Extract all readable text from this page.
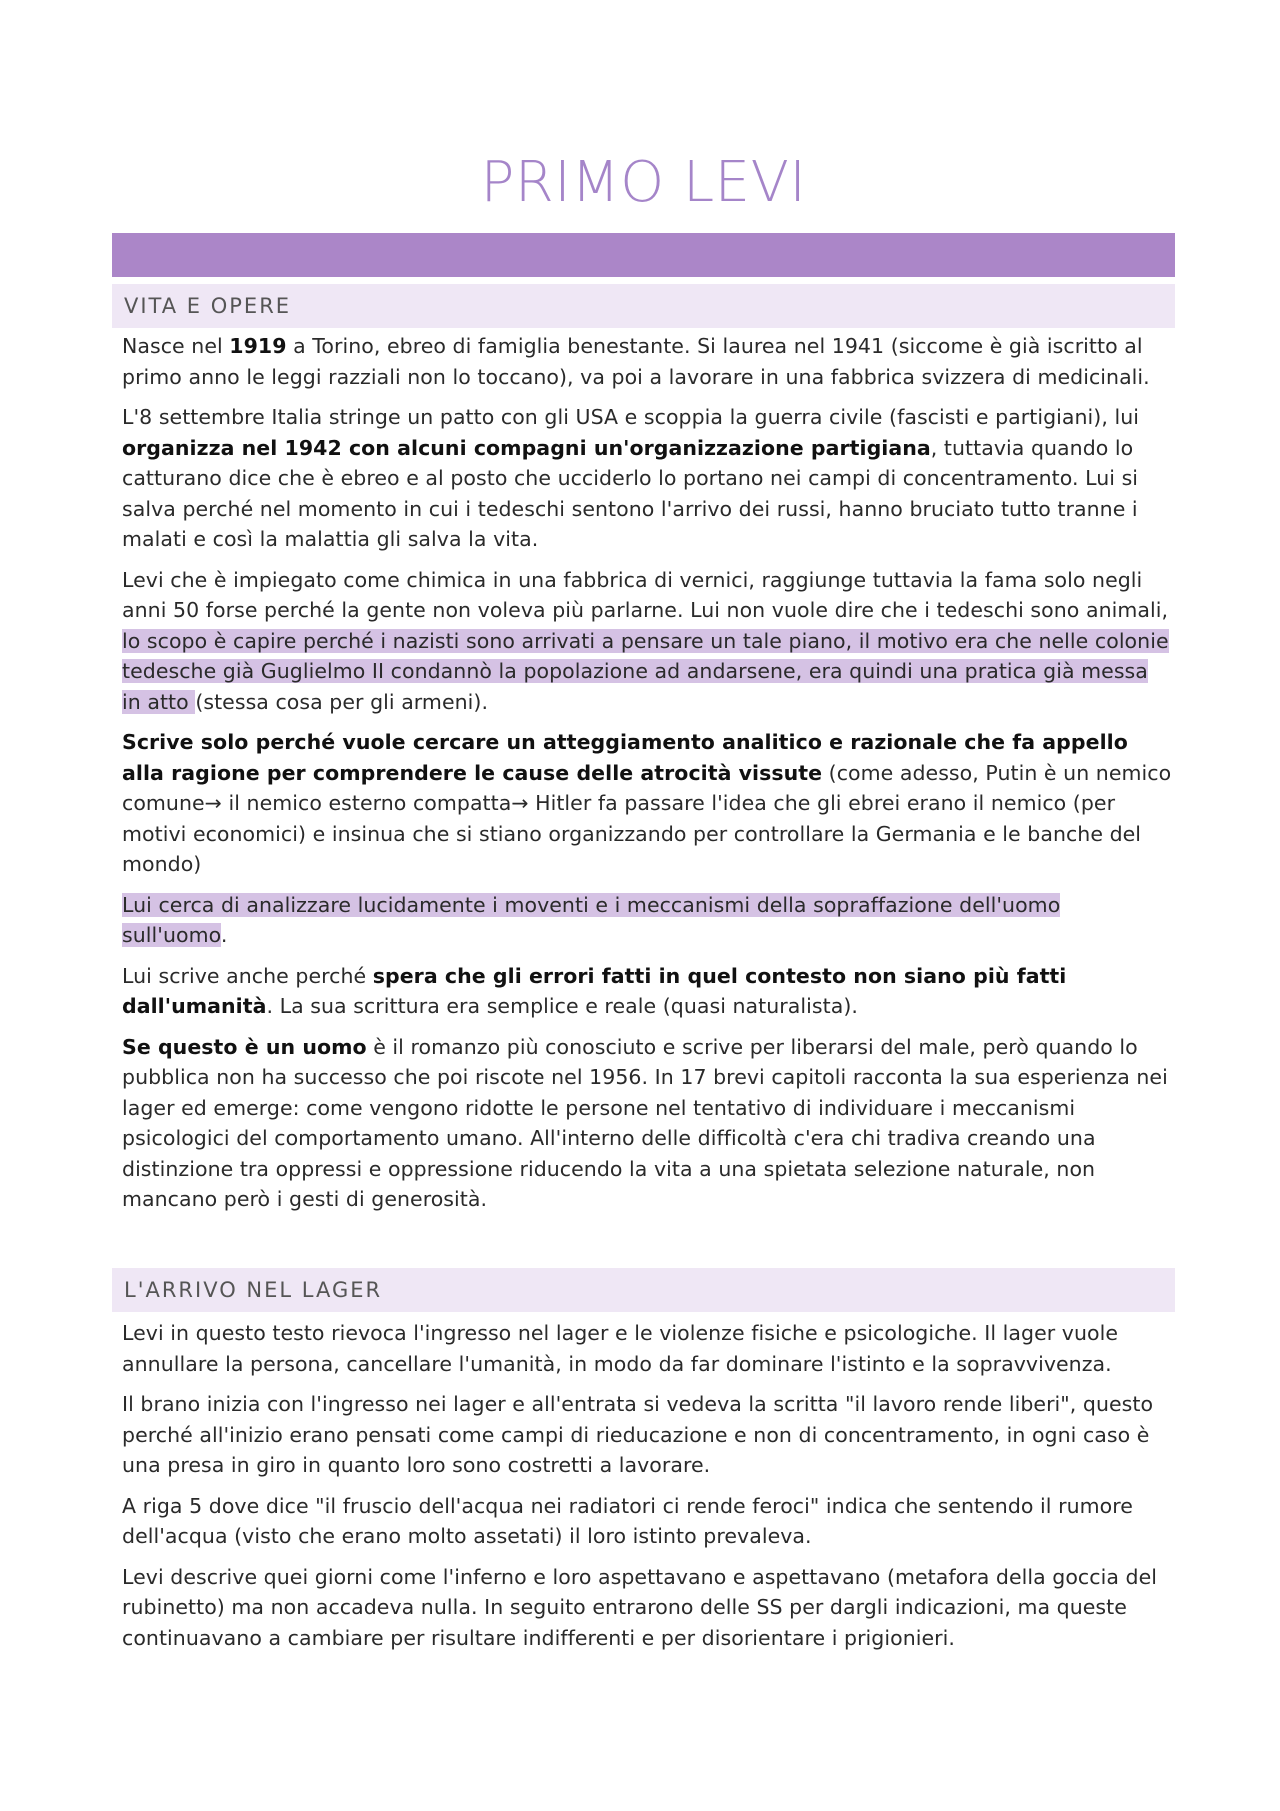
PRIMO LEVI
VITA E OPERE

Nasce nel 1919 a Torino, ebreo di famiglia benestante. Si laurea nel 1941 (siccome è già iscritto al primo anno le leggi razziali non lo toccano), va poi a lavorare in una fabbrica svizzera di medicinali.

L'8 settembre Italia stringe un patto con gli USA e scoppia la guerra civile (fascisti e partigiani), lui organizza nel 1942 con alcuni compagni un'organizzazione partigiana, tuttavia quando lo catturano dice che è ebreo e al posto che ucciderlo lo portano nei campi di concentramento. Lui si salva perché nel momento in cui i tedeschi sentono l'arrivo dei russi, hanno bruciato tutto tranne i malati e così la malattia gli salva la vita.

Levi che è impiegato come chimica in una fabbrica di vernici, raggiunge tuttavia la fama solo negli anni 50 forse perché la gente non voleva più parlarne. Lui non vuole dire che i tedeschi sono animali, lo scopo è capire perché i nazisti sono arrivati a pensare un tale piano, il motivo era che nelle colonie tedesche già Guglielmo II condannò la popolazione ad andarsene, era quindi una pratica già messa in atto (stessa cosa per gli armeni).

Scrive solo perché vuole cercare un atteggiamento analitico e razionale che fa appello alla ragione per comprendere le cause delle atrocità vissute (come adesso, Putin è un nemico comune→ il nemico esterno compatta→ Hitler fa passare l'idea che gli ebrei erano il nemico (per motivi economici) e insinua che si stiano organizzando per controllare la Germania e le banche del mondo)

Lui cerca di analizzare lucidamente i moventi e i meccanismi della sopraffazione dell'uomo sull'uomo.

Lui scrive anche perché spera che gli errori fatti in quel contesto non siano più fatti dall'umanità. La sua scrittura era semplice e reale (quasi naturalista).

Se questo è un uomo è il romanzo più conosciuto e scrive per liberarsi del male, però quando lo pubblica non ha successo che poi riscote nel 1956. In 17 brevi capitoli racconta la sua esperienza nei lager ed emerge: come vengono ridotte le persone nel tentativo di individuare i meccanismi psicologici del comportamento umano. All'interno delle difficoltà c'era chi tradiva creando una distinzione tra oppressi e oppressione riducendo la vita a una spietata selezione naturale, non mancano però i gesti di generosità.

L'ARRIVO NEL LAGER

Levi in questo testo rievoca l'ingresso nel lager e le violenze fisiche e psicologiche. Il lager vuole annullare la persona, cancellare l'umanità, in modo da far dominare l'istinto e la sopravvivenza.

Il brano inizia con l'ingresso nei lager e all'entrata si vedeva la scritta "il lavoro rende liberi", questo perché all'inizio erano pensati come campi di rieducazione e non di concentramento, in ogni caso è una presa in giro in quanto loro sono costretti a lavorare.

A riga 5 dove dice "il fruscio dell'acqua nei radiatori ci rende feroci" indica che sentendo il rumore dell'acqua (visto che erano molto assetati) il loro istinto prevaleva.

Levi descrive quei giorni come l'inferno e loro aspettavano e aspettavano (metafora della goccia del rubinetto) ma non accadeva nulla. In seguito entrarono delle SS per dargli indicazioni, ma queste continuavano a cambiare per risultare indifferenti e per disorientare i prigionieri.
